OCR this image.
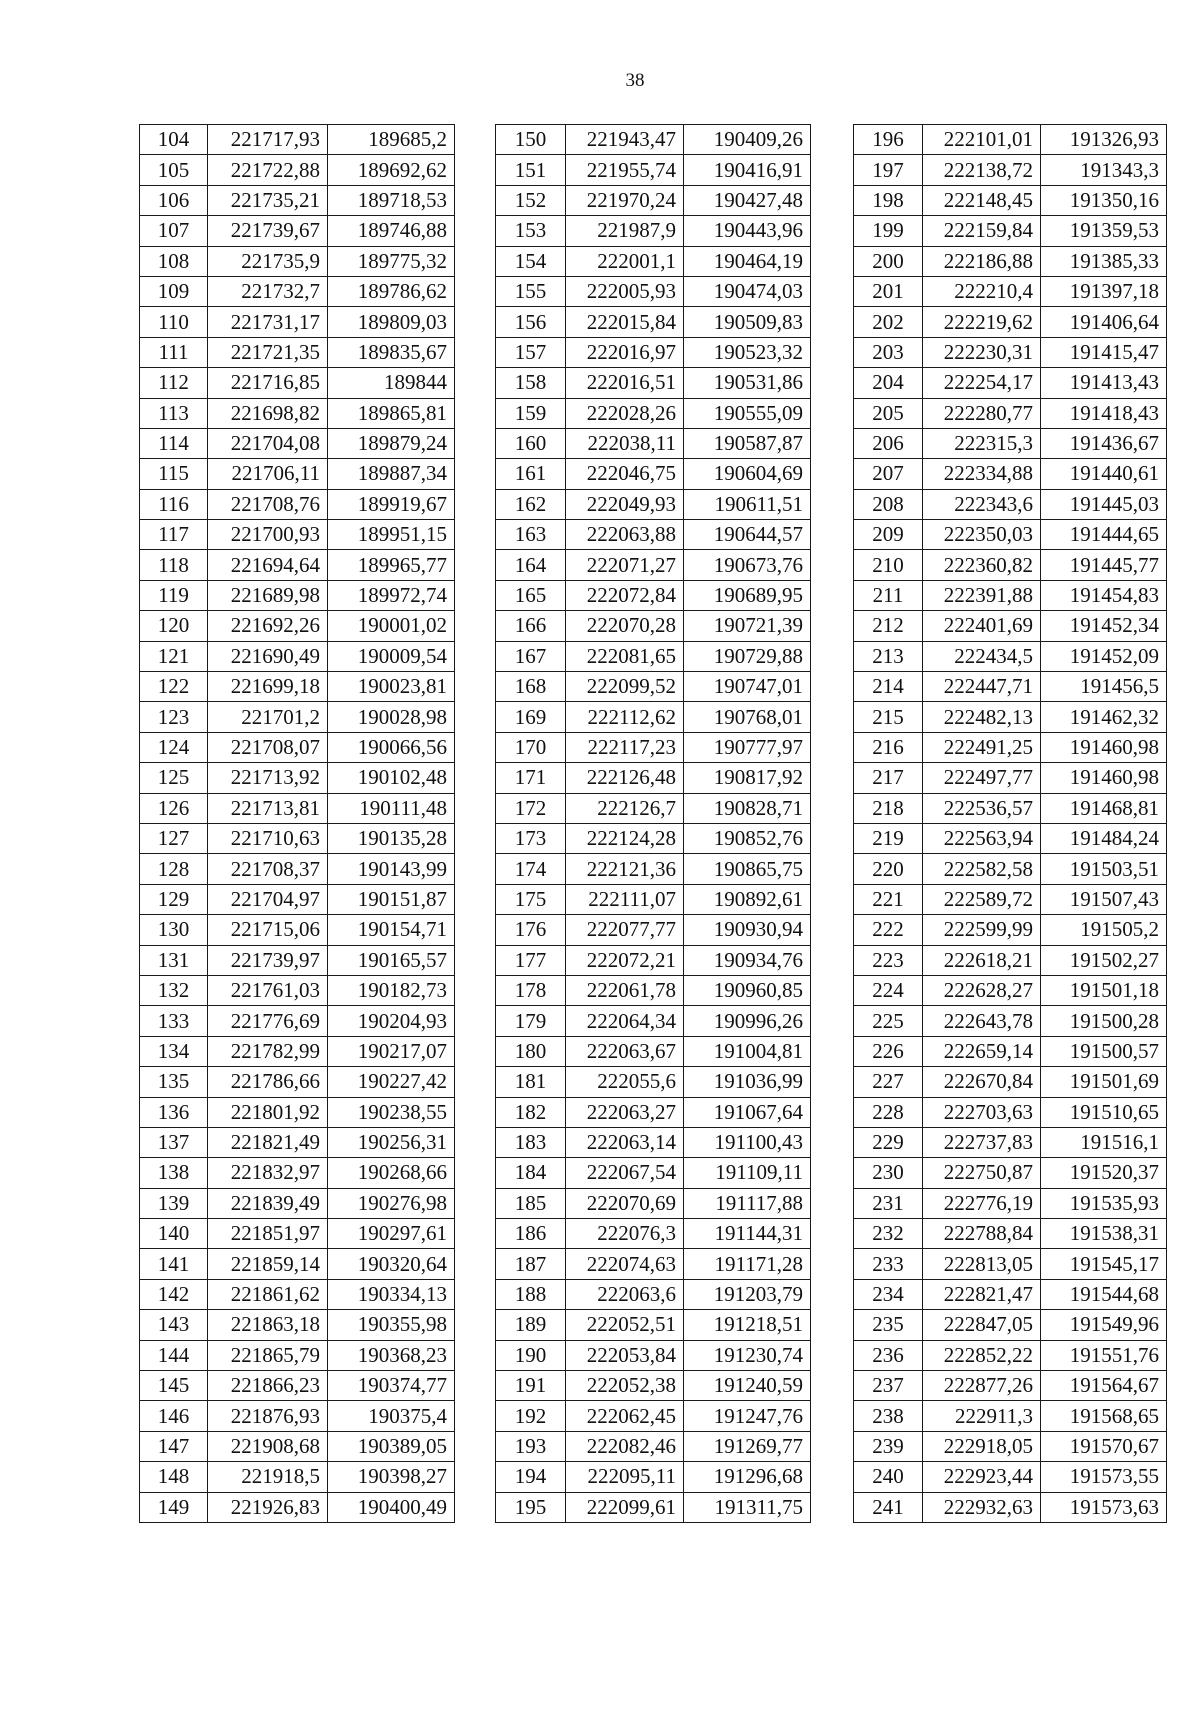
38
104	221717,93	189685,2
105	221722,88	189692,62
106	221735,21	189718,53
107	221739,67	189746,88
108	221735,9	189775,32
109	221732,7	189786,62
110	221731,17	189809,03
111	221721,35	189835,67
112	221716,85	189844
113	221698,82	189865,81
114	221704,08	189879,24
115	221706,11	189887,34
116	221708,76	189919,67
117	221700,93	189951,15
118	221694,64	189965,77
119	221689,98	189972,74
120	221692,26	190001,02
121	221690,49	190009,54
122	221699,18	190023,81
123	221701,2	190028,98
124	221708,07	190066,56
125	221713,92	190102,48
126	221713,81	190111,48
127	221710,63	190135,28
128	221708,37	190143,99
129	221704,97	190151,87
130	221715,06	190154,71
131	221739,97	190165,57
132	221761,03	190182,73
133	221776,69	190204,93
134	221782,99	190217,07
135	221786,66	190227,42
136	221801,92	190238,55
137	221821,49	190256,31
138	221832,97	190268,66
139	221839,49	190276,98
140	221851,97	190297,61
141	221859,14	190320,64
142	221861,62	190334,13
143	221863,18	190355,98
144	221865,79	190368,23
145	221866,23	190374,77
146	221876,93	190375,4
147	221908,68	190389,05
148	221918,5	190398,27
149	221926,83	190400,49
150	221943,47	190409,26
151	221955,74	190416,91
152	221970,24	190427,48
153	221987,9	190443,96
154	222001,1	190464,19
155	222005,93	190474,03
156	222015,84	190509,83
157	222016,97	190523,32
158	222016,51	190531,86
159	222028,26	190555,09
160	222038,11	190587,87
161	222046,75	190604,69
162	222049,93	190611,51
163	222063,88	190644,57
164	222071,27	190673,76
165	222072,84	190689,95
166	222070,28	190721,39
167	222081,65	190729,88
168	222099,52	190747,01
169	222112,62	190768,01
170	222117,23	190777,97
171	222126,48	190817,92
172	222126,7	190828,71
173	222124,28	190852,76
174	222121,36	190865,75
175	222111,07	190892,61
176	222077,77	190930,94
177	222072,21	190934,76
178	222061,78	190960,85
179	222064,34	190996,26
180	222063,67	191004,81
181	222055,6	191036,99
182	222063,27	191067,64
183	222063,14	191100,43
184	222067,54	191109,11
185	222070,69	191117,88
186	222076,3	191144,31
187	222074,63	191171,28
188	222063,6	191203,79
189	222052,51	191218,51
190	222053,84	191230,74
191	222052,38	191240,59
192	222062,45	191247,76
193	222082,46	191269,77
194	222095,11	191296,68
195	222099,61	191311,75
196	222101,01	191326,93
197	222138,72	191343,3
198	222148,45	191350,16
199	222159,84	191359,53
200	222186,88	191385,33
201	222210,4	191397,18
202	222219,62	191406,64
203	222230,31	191415,47
204	222254,17	191413,43
205	222280,77	191418,43
206	222315,3	191436,67
207	222334,88	191440,61
208	222343,6	191445,03
209	222350,03	191444,65
210	222360,82	191445,77
211	222391,88	191454,83
212	222401,69	191452,34
213	222434,5	191452,09
214	222447,71	191456,5
215	222482,13	191462,32
216	222491,25	191460,98
217	222497,77	191460,98
218	222536,57	191468,81
219	222563,94	191484,24
220	222582,58	191503,51
221	222589,72	191507,43
222	222599,99	191505,2
223	222618,21	191502,27
224	222628,27	191501,18
225	222643,78	191500,28
226	222659,14	191500,57
227	222670,84	191501,69
228	222703,63	191510,65
229	222737,83	191516,1
230	222750,87	191520,37
231	222776,19	191535,93
232	222788,84	191538,31
233	222813,05	191545,17
234	222821,47	191544,68
235	222847,05	191549,96
236	222852,22	191551,76
237	222877,26	191564,67
238	222911,3	191568,65
239	222918,05	191570,67
240	222923,44	191573,55
241	222932,63	191573,63
